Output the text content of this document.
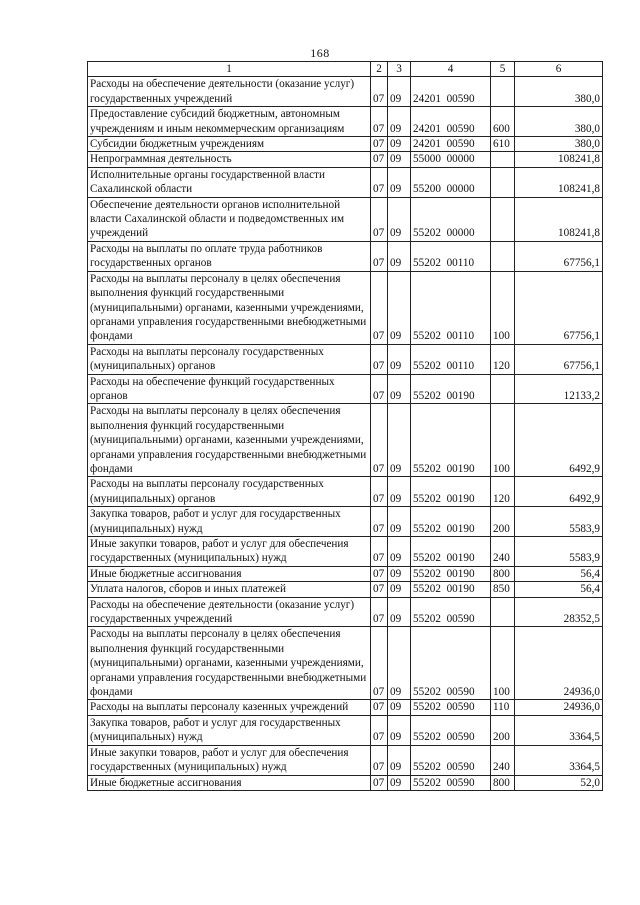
168
1	2	3	4	5	6
Расходы на обеспечение деятельности (оказание услуг) государственных учреждений	07	09	24201  00590		380,0
Предоставление субсидий бюджетным, автономным учреждениям и иным некоммерческим организациям	07	09	24201  00590	600	380,0
Субсидии бюджетным учреждениям	07	09	24201  00590	610	380,0
Непрограммная деятельность	07	09	55000  00000		108241,8
Исполнительные органы государственной власти Сахалинской области	07	09	55200  00000		108241,8
Обеспечение деятельности органов исполнительной власти Сахалинской области и подведомственных им учреждений	07	09	55202  00000		108241,8
Расходы на выплаты по оплате труда работников государственных органов	07	09	55202  00110		67756,1
Расходы на выплаты персоналу в целях обеспечения выполнения функций государственными (муниципальными) органами, казенными учреждениями, органами управления государственными внебюджетными фондами	07	09	55202  00110	100	67756,1
Расходы на выплаты персоналу государственных (муниципальных) органов	07	09	55202  00110	120	67756,1
Расходы на обеспечение функций государственных органов	07	09	55202  00190		12133,2
Расходы на выплаты персоналу в целях обеспечения выполнения функций государственными (муниципальными) органами, казенными учреждениями, органами управления государственными внебюджетными фондами	07	09	55202  00190	100	6492,9
Расходы на выплаты персоналу государственных (муниципальных) органов	07	09	55202  00190	120	6492,9
Закупка товаров, работ и услуг для государственных (муниципальных) нужд	07	09	55202  00190	200	5583,9
Иные закупки товаров, работ и услуг для обеспечения государственных (муниципальных) нужд	07	09	55202  00190	240	5583,9
Иные бюджетные ассигнования	07	09	55202  00190	800	56,4
Уплата налогов, сборов и иных платежей	07	09	55202  00190	850	56,4
Расходы на обеспечение деятельности (оказание услуг) государственных учреждений	07	09	55202  00590		28352,5
Расходы на выплаты персоналу в целях обеспечения выполнения функций государственными (муниципальными) органами, казенными учреждениями, органами управления государственными внебюджетными фондами	07	09	55202  00590	100	24936,0
Расходы на выплаты персоналу казенных учреждений	07	09	55202  00590	110	24936,0
Закупка товаров, работ и услуг для государственных (муниципальных) нужд	07	09	55202  00590	200	3364,5
Иные закупки товаров, работ и услуг для обеспечения государственных (муниципальных) нужд	07	09	55202  00590	240	3364,5
Иные бюджетные ассигнования	07	09	55202  00590	800	52,0
